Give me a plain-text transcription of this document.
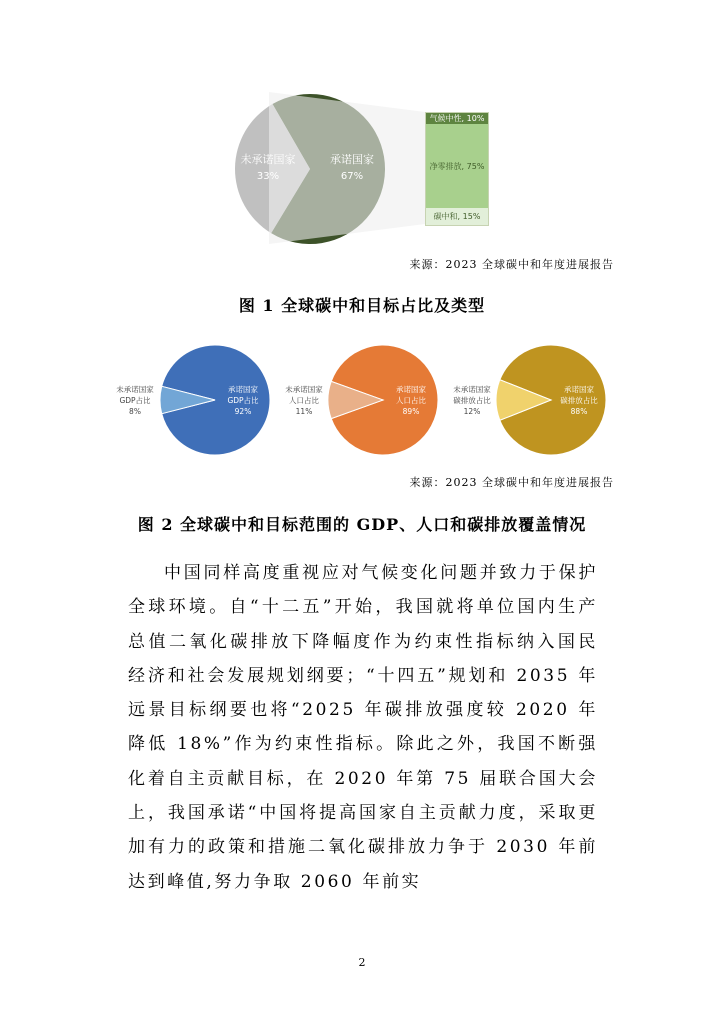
承诺国家
67%
未承诺国家
33%
气候中性, 10%
净零排放, 75%
碳中和, 15%
来源：2023 全球碳中和年度进展报告
图 1 全球碳中和目标占比及类型
承诺国家
GDP占比
92%
未承诺国家
GDP占比
8%
承诺国家
人口占比
89%
未承诺国家
人口占比
11%
承诺国家
碳排放占比
88%
未承诺国家
碳排放占比
12%
来源：2023 全球碳中和年度进展报告
图 2 全球碳中和目标范围的 GDP、人口和碳排放覆盖情况
中国同样高度重视应对气候变化问题并致力于保护全球环境。自“十二五”开始，我国就将单位国内生产总值二氧化碳排放下降幅度作为约束性指标纳入国民经济和社会发展规划纲要；“十四五”规划和 2035 年远景目标纲要也将“2025 年碳排放强度较 2020 年降低 18%”作为约束性指标。除此之外，我国不断强化着自主贡献目标，在 2020 年第 75 届联合国大会上，我国承诺“中国将提高国家自主贡献力度，采取更加有力的政策和措施二氧化碳排放力争于 2030 年前达到峰值,努力争取 2060 年前实
2
